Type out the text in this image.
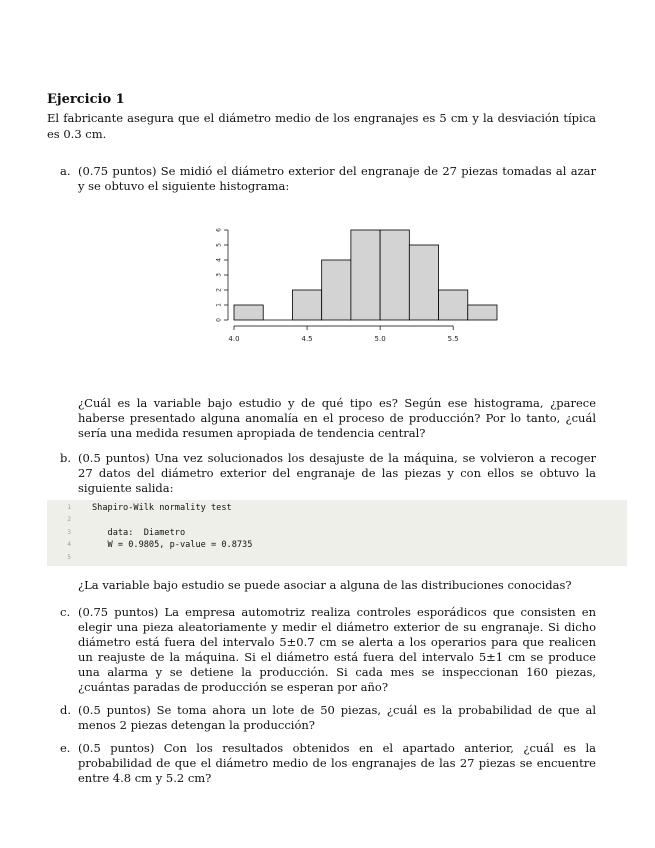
Ejercicio 1

El fabricante asegura que el diámetro medio de los engranajes es 5 cm y la desviación típica es 0.3 cm.

a. (0.75 puntos) Se midió el diámetro exterior del engranaje de 27 piezas tomadas al azar y se obtuvo el siguiente histograma:

4.0	4.5	5.0	5.5
0
1
2
3
4
5
6

¿Cuál es la variable bajo estudio y de qué tipo es? Según ese histograma, ¿parece haberse presentado alguna anomalía en el proceso de producción? Por lo tanto, ¿cuál sería una medida resumen apropiada de tendencia central?

b. (0.5 puntos) Una vez solucionados los desajuste de la máquina, se volvieron a recoger 27 datos del diámetro exterior del engranaje de las piezas y con ellos se obtuvo la siguiente salida:

1 Shapiro-Wilk normality test
2
3 data:  Diametro
4 W = 0.9805, p-value = 0.8735
5

¿La variable bajo estudio se puede asociar a alguna de las distribuciones conocidas?

c. (0.75 puntos) La empresa automotriz realiza controles esporádicos que consisten en elegir una pieza aleatoriamente y medir el diámetro exterior de su engranaje. Si dicho diámetro está fuera del intervalo 5±0.7 cm se alerta a los operarios para que realicen un reajuste de la máquina. Si el diámetro está fuera del intervalo 5±1 cm se produce una alarma y se detiene la producción. Si cada mes se inspeccionan 160 piezas, ¿cuántas paradas de producción se esperan por año?

d. (0.5 puntos) Se toma ahora un lote de 50 piezas, ¿cuál es la probabilidad de que al menos 2 piezas detengan la producción?

e. (0.5 puntos) Con los resultados obtenidos en el apartado anterior, ¿cuál es la probabilidad de que el diámetro medio de los engranajes de las 27 piezas se encuentre entre 4.8 cm y 5.2 cm?
